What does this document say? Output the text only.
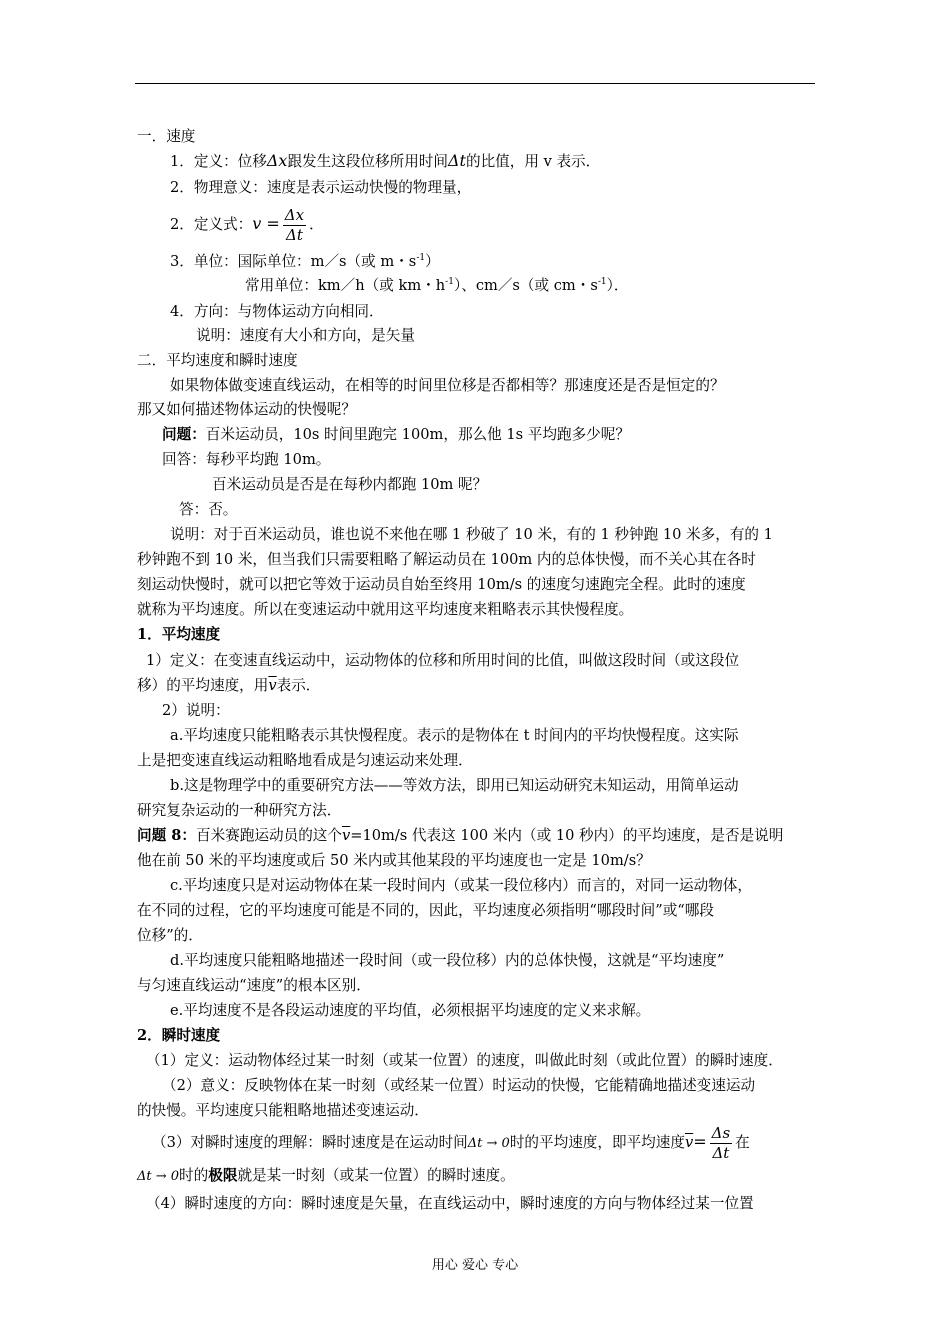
一．速度
1．定义：位移Δx跟发生这段位移所用时间Δt的比值，用 v 表示．
2．物理意义：速度是表示运动快慢的物理量，
2．定义式：$v = \frac{\Delta x}{\Delta t}$ ．
3．单位：国际单位：m／s（或 m・$s^{-1}$）
常用单位：km／h（或 km・$h^{-1}$）、cm／s（或 cm・$s^{-1}$）．
4．方向：与物体运动方向相同．
说明：速度有大小和方向，是矢量
二．平均速度和瞬时速度
如果物体做变速直线运动，在相等的时间里位移是否都相等？那速度还是否是恒定的？
那又如何描述物体运动的快慢呢？
问题：百米运动员，10s 时间里跑完 100m，那么他 1s 平均跑多少呢？
回答：每秒平均跑 10m。
百米运动员是否是在每秒内都跑 10m 呢？
答：否。
说明：对于百米运动员，谁也说不来他在哪 1 秒破了 10 米，有的 1 秒钟跑 10 米多，有的 1
秒钟跑不到 10 米，但当我们只需要粗略了解运动员在 100m 内的总体快慢，而不关心其在各时
刻运动快慢时，就可以把它等效于运动员自始至终用 10m/s 的速度匀速跑完全程。此时的速度
就称为平均速度。所以在变速运动中就用这平均速度来粗略表示其快慢程度。
1．平均速度
1）定义：在变速直线运动中，运动物体的位移和所用时间的比值，叫做这段时间（或这段位
移）的平均速度，用$\overline{v}$表示．
2）说明：
a.平均速度只能粗略表示其快慢程度。表示的是物体在 t 时间内的平均快慢程度。这实际
上是把变速直线运动粗略地看成是匀速运动来处理．
b.这是物理学中的重要研究方法——等效方法，即用已知运动研究未知运动，用简单运动
研究复杂运动的一种研究方法．
问题 8：百米赛跑运动员的这个$\overline{v}=10m/s$ 代表这 100 米内（或 10 秒内）的平均速度，是否是说明
他在前 50 米的平均速度或后 50 米内或其他某段的平均速度也一定是 10m/s？
c.平均速度只是对运动物体在某一段时间内（或某一段位移内）而言的，对同一运动物体，
在不同的过程，它的平均速度可能是不同的，因此，平均速度必须指明“哪段时间”或“哪段
位移”的．
d.平均速度只能粗略地描述一段时间（或一段位移）内的总体快慢，这就是“平均速度”
与匀速直线运动“速度”的根本区别．
e.平均速度不是各段运动速度的平均值，必须根据平均速度的定义来求解。
2．瞬时速度
（1）定义：运动物体经过某一时刻（或某一位置）的速度，叫做此时刻（或此位置）的瞬时速度．
（2）意义：反映物体在某一时刻（或经某一位置）时运动的快慢，它能精确地描述变速运动
的快慢。平均速度只能粗略地描述变速运动．
（3）对瞬时速度的理解：瞬时速度是在运动时间Δt → 0时的平均速度，即平均速度$\overline{v}= \frac{\Delta s}{\Delta t}$ 在
Δt → 0时的极限就是某一时刻（或某一位置）的瞬时速度。
（4）瞬时速度的方向：瞬时速度是矢量，在直线运动中，瞬时速度的方向与物体经过某一位置
用心 爱心 专心
